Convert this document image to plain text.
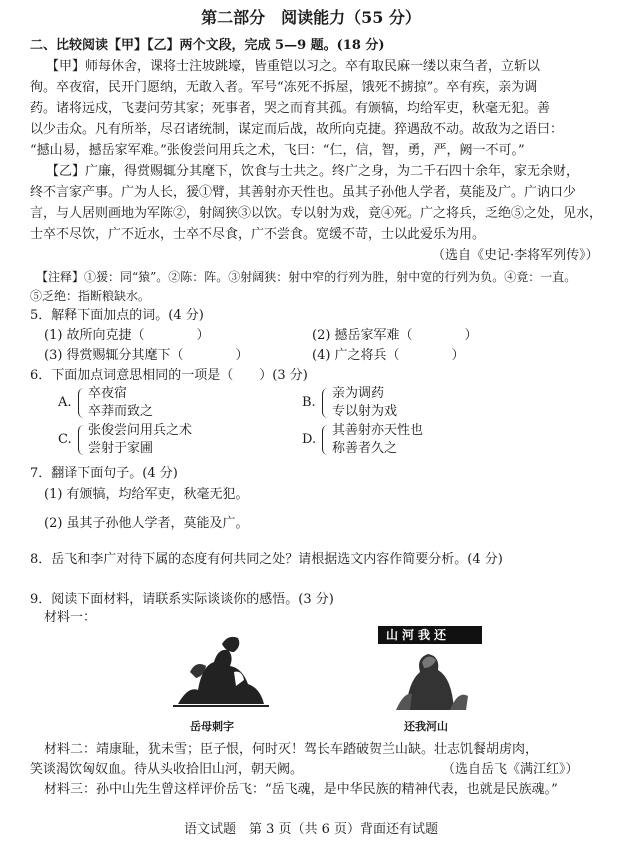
第二部分　阅读能力（55 分）
二、比较阅读【甲】【乙】两个文段，完成 5—9 题。(18 分)
【甲】师每休舍，课将士注坡跳壕，皆重铠以习之。卒有取民麻一缕以束刍者，立斩以
徇。卒夜宿，民开门愿纳，无敢入者。军号“冻死不拆屋，饿死不掳掠”。卒有疾，亲为调
药。诸将远戍，飞妻问劳其家；死事者，哭之而育其孤。有颁犒，均给军吏，秋毫无犯。善
以少击众。凡有所举，尽召诸统制，谋定而后战，故所向克捷。猝遇敌不动。故敌为之语曰：
“撼山易，撼岳家军难。”张俊尝问用兵之术，飞曰：“仁，信，智，勇，严，阙一不可。”
【乙】广廉，得赏赐辄分其麾下，饮食与士共之。终广之身，为二千石四十余年，家无余财，
终不言家产事。广为人长，猨①臂，其善射亦天性也。虽其子孙他人学者，莫能及广。广讷口少
言，与人居则画地为军陈②，射阔狭③以饮。专以射为戏，竟④死。广之将兵，乏绝⑤之处，见水，
士卒不尽饮，广不近水，士卒不尽食，广不尝食。宽缓不苛，士以此爱乐为用。
（选自《史记·李将军列传》）
【注释】①猨：同“猿”。②陈：阵。③射阔狭：射中窄的行列为胜，射中宽的行列为负。④竟：一直。
⑤乏绝：指断粮缺水。
5．解释下面加点的词。(4 分)
(1) 故所向克捷（　　　　）	(2) 撼岳家军难（　　　　）
(3) 得赏赐辄分其麾下（　　　　）	(4) 广之将兵（　　　　）
6．下面加点词意思相同的一项是（　　）(3 分)
A.
卒夜宿
卒莽而致之
B.
亲为调药
专以射为戏
C.
张俊尝问用兵之术
尝射于家圃
D.
其善射亦天性也
称善者久之
7．翻译下面句子。(4 分)
(1) 有颁犒，均给军吏，秋毫无犯。
(2) 虽其子孙他人学者，莫能及广。
8．岳飞和李广对待下属的态度有何共同之处？请根据选文内容作简要分析。(4 分)
9．阅读下面材料，请联系实际谈谈你的感悟。(3 分)
材料一：
岳母刺字
山河我还
还我河山
材料二：靖康耻，犹未雪；臣子恨，何时灭！驾长车踏破贺兰山缺。壮志饥餐胡虏肉，
笑谈渴饮匈奴血。待从头收拾旧山河，朝天阙。	（选自岳飞《满江红》）
材料三：孙中山先生曾这样评价岳飞：“岳飞魂，是中华民族的精神代表，也就是民族魂。”
语文试题　第 3 页（共 6 页）背面还有试题
